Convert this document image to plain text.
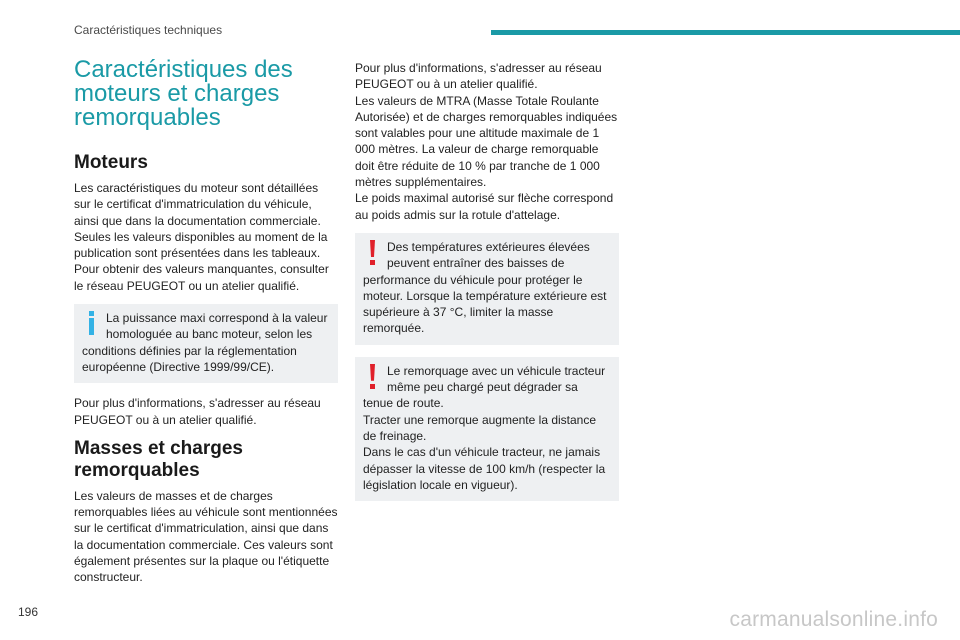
Caractéristiques techniques
Caractéristiques des moteurs et charges remorquables
Moteurs

Les caractéristiques du moteur sont détaillées sur le certificat d'immatriculation du véhicule, ainsi que dans la documentation commerciale. Seules les valeurs disponibles au moment de la publication sont présentées dans les tableaux. Pour obtenir des valeurs manquantes, consulter le réseau PEUGEOT ou un atelier qualifié.

La puissance maxi correspond à la valeur homologuée au banc moteur, selon les conditions définies par la réglementation européenne (Directive 1999/99/CE).

Pour plus d'informations, s'adresser au réseau PEUGEOT ou à un atelier qualifié.

Masses et charges remorquables

Les valeurs de masses et de charges remorquables liées au véhicule sont mentionnées sur le certificat d'immatriculation, ainsi que dans la documentation commerciale. Ces valeurs sont également présentes sur la plaque ou l'étiquette constructeur.

Pour plus d'informations, s'adresser au réseau PEUGEOT ou à un atelier qualifié.

Les valeurs de MTRA (Masse Totale Roulante Autorisée) et de charges remorquables indiquées sont valables pour une altitude maximale de 1 000 mètres. La valeur de charge remorquable doit être réduite de 10 % par tranche de 1 000 mètres supplémentaires.

Le poids maximal autorisé sur flèche correspond au poids admis sur la rotule d'attelage.

Des températures extérieures élevées peuvent entraîner des baisses de performance du véhicule pour protéger le moteur. Lorsque la température extérieure est supérieure à 37 °C, limiter la masse remorquée.
Le remorquage avec un véhicule tracteur même peu chargé peut dégrader sa tenue de route.
Tracter une remorque augmente la distance de freinage.
Dans le cas d'un véhicule tracteur, ne jamais dépasser la vitesse de 100 km/h (respecter la législation locale en vigueur).
196	carmanualsonline.info
